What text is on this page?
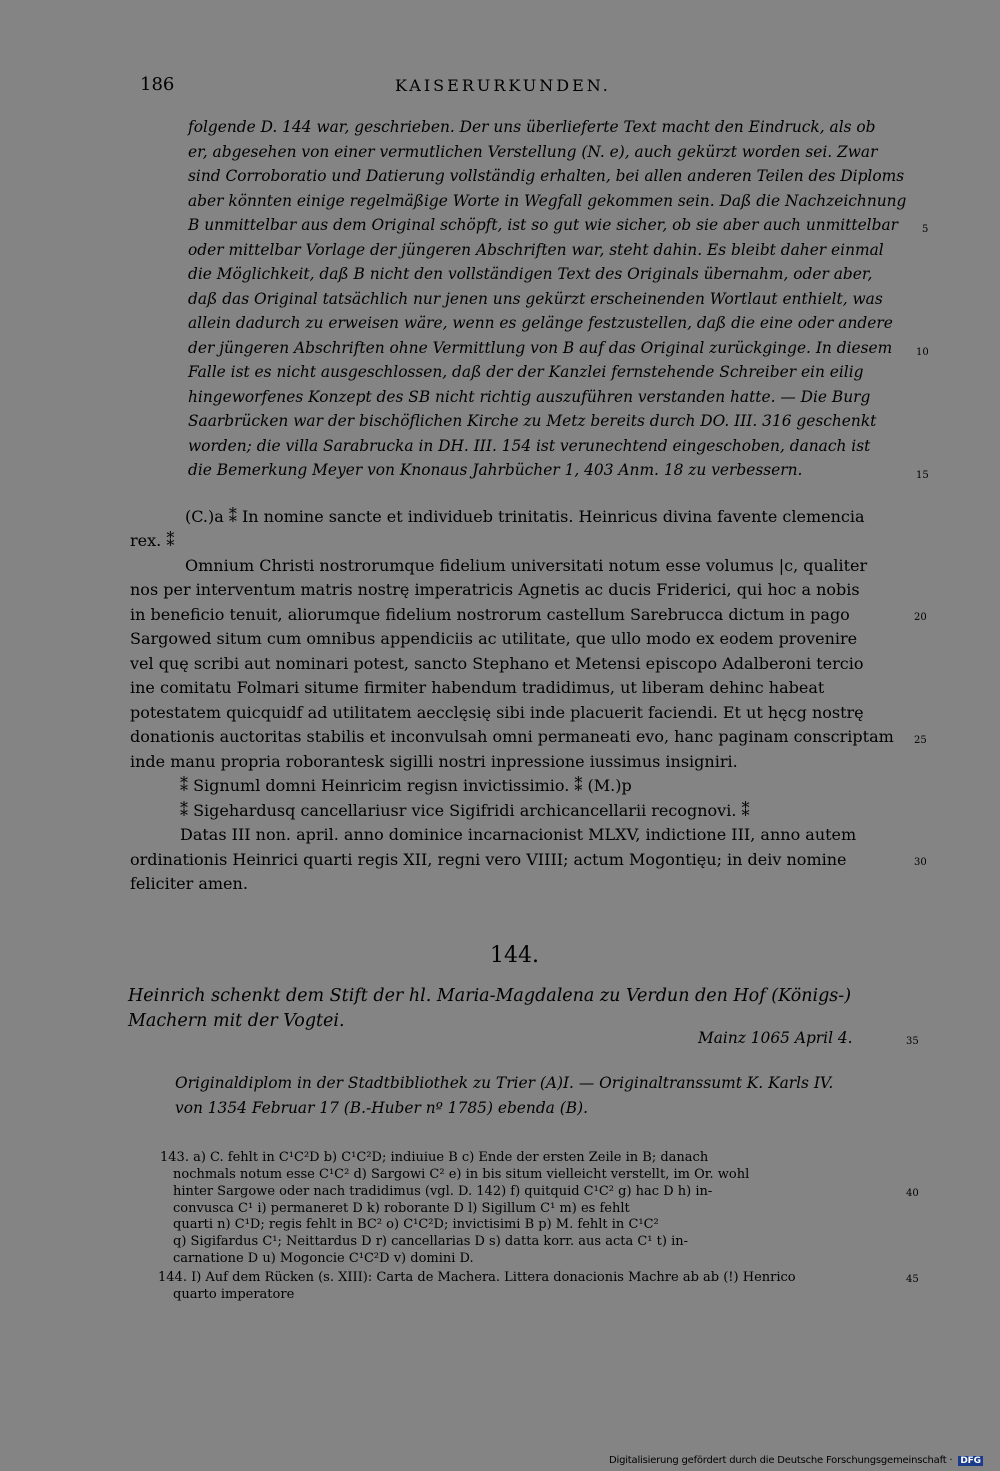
186	KAISERURKUNDEN.
folgende D. 144 war, geschrieben. Der uns überlieferte Text macht den Eindruck, als ob
er, abgesehen von einer vermutlichen Verstellung (N. e), auch gekürzt worden sei. Zwar
sind Corroboratio und Datierung vollständig erhalten, bei allen anderen Teilen des Diploms
aber könnten einige regelmäßige Worte in Wegfall gekommen sein. Daß die Nachzeichnung
B unmittelbar aus dem Original schöpft, ist so gut wie sicher, ob sie aber auch unmittelbar
oder mittelbar Vorlage der jüngeren Abschriften war, steht dahin. Es bleibt daher einmal
die Möglichkeit, daß B nicht den vollständigen Text des Originals übernahm, oder aber,
daß das Original tatsächlich nur jenen uns gekürzt erscheinenden Wortlaut enthielt, was
allein dadurch zu erweisen wäre, wenn es gelänge festzustellen, daß die eine oder andere
der jüngeren Abschriften ohne Vermittlung von B auf das Original zurückginge. In diesem
Falle ist es nicht ausgeschlossen, daß der der Kanzlei fernstehende Schreiber ein eilig
hingeworfenes Konzept des SB nicht richtig auszuführen verstanden hatte. — Die Burg
Saarbrücken war der bischöflichen Kirche zu Metz bereits durch DO. III. 316 geschenkt
worden; die villa Sarabrucka in DH. III. 154 ist verunechtend eingeschoben, danach ist
die Bemerkung Meyer von Knonaus Jahrbücher 1, 403 Anm. 18 zu verbessern.
5
10
15
(C.)a ⁑ In nomine sancte et individueb trinitatis. Heinricus divina favente clemencia
rex. ⁑
Omnium Christi nostrorumque fidelium universitati notum esse volumus |c, qualiter
nos per interventum matris nostrę imperatricis Agnetis ac ducis Friderici, qui hoc a nobis
in beneficio tenuit, aliorumque fidelium nostrorum castellum Sarebrucca dictum in pago
Sargowed situm cum omnibus appendiciis ac utilitate, que ullo modo ex eodem provenire
vel quę scribi aut nominari potest, sancto Stephano et Metensi episcopo Adalberoni tercio
ine comitatu Folmari situme firmiter habendum tradidimus, ut liberam dehinc habeat
potestatem quicquidf ad utilitatem aecclęsię sibi inde placuerit faciendi. Et ut hęcg nostrę
donationis auctoritas stabilis et inconvulsah omni permaneati evo, hanc paginam conscriptam
inde manu propria roborantesk sigilli nostri inpressione iussimus insigniri.
⁑ Signuml domni Heinricim regisn invictissimio. ⁑ (M.)p
⁑ Sigehardusq cancellariusr vice Sigifridi archicancellarii recognovi. ⁑
Datas III non. april. anno dominice incarnacionist MLXV, indictione III, anno autem
ordinationis Heinrici quarti regis XII, regni vero VIIII; actum Mogontięu; in deiv nomine
feliciter amen.
20
25
30
144.
Heinrich schenkt dem Stift der hl. Maria-Magdalena zu Verdun den Hof (Königs-)
Machern mit der Vogtei.
Mainz 1065 April 4.	35
Originaldiplom in der Stadtbibliothek zu Trier (A)I. — Originaltranssumt K. Karls IV.
von 1354 Februar 17 (B.-Huber nº 1785) ebenda (B).
143. a) C. fehlt in C¹C²D b) C¹C²D; indiuiue B c) Ende der ersten Zeile in B; danach
nochmals notum esse C¹C² d) Sargowi C² e) in bis situm vielleicht verstellt, im Or. wohl
hinter Sargowe oder nach tradidimus (vgl. D. 142) f) quitquid C¹C² g) hac D h) in-
convusca C¹ i) permaneret D k) roborante D l) Sigillum C¹ m) es fehlt
quarti n) C¹D; regis fehlt in BC² o) C¹C²D; invictisimi B p) M. fehlt in C¹C²
q) Sigifardus C¹; Neittardus D r) cancellarias D s) datta korr. aus acta C¹ t) in-
carnatione D u) Mogoncie C¹C²D v) domini D.
144. I) Auf dem Rücken (s. XIII): Carta de Machera. Littera donacionis Machre ab ab (!) Henrico
quarto imperatore
40
45
Digitalisierung gefördert durch die Deutsche Forschungsgemeinschaft · DFG
